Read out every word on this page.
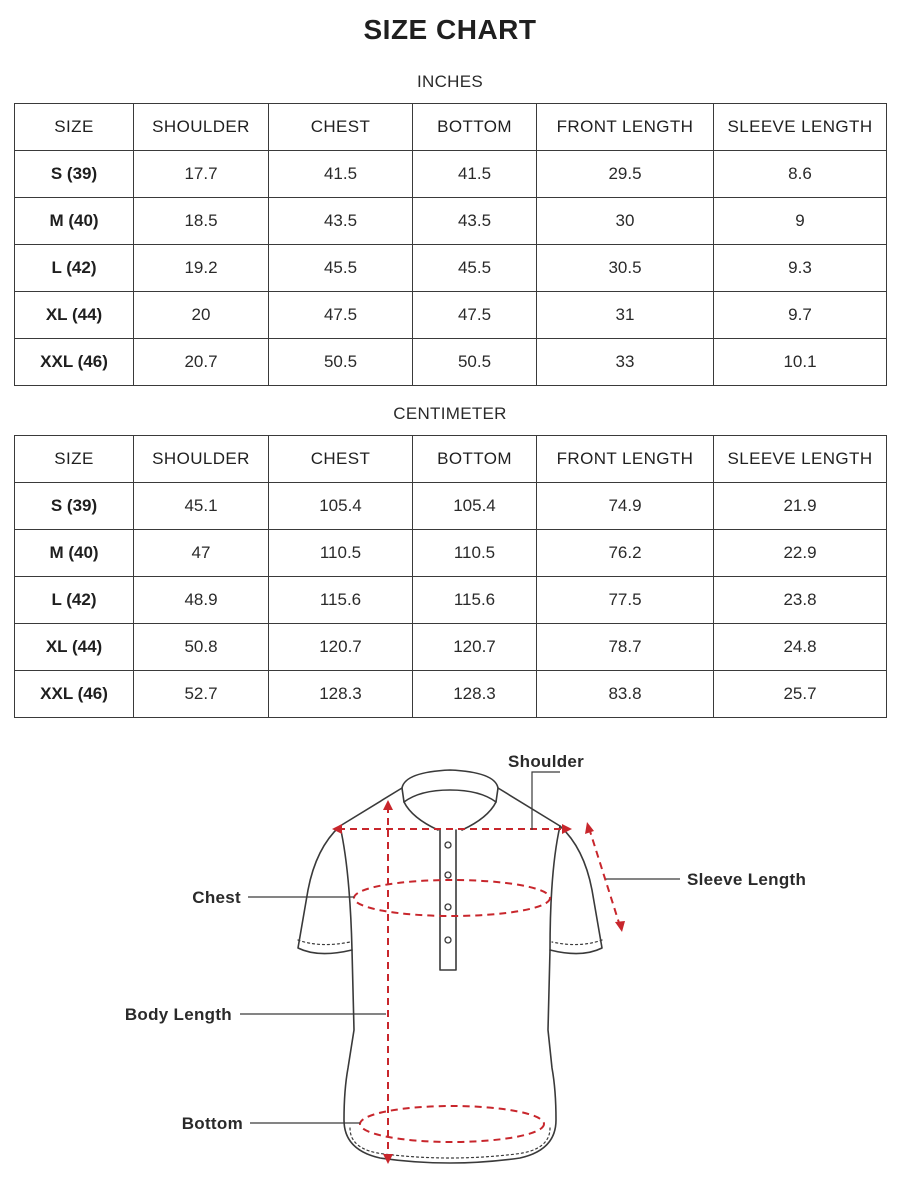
SIZE CHART
INCHES
SIZE	SHOULDER	CHEST	BOTTOM	FRONT LENGTH	SLEEVE LENGTH
S (39)	17.7	41.5	41.5	29.5	8.6
M (40)	18.5	43.5	43.5	30	9
L (42)	19.2	45.5	45.5	30.5	9.3
XL (44)	20	47.5	47.5	31	9.7
XXL (46)	20.7	50.5	50.5	33	10.1
CENTIMETER
SIZE	SHOULDER	CHEST	BOTTOM	FRONT LENGTH	SLEEVE LENGTH
S (39)	45.1	105.4	105.4	74.9	21.9
M (40)	47	110.5	110.5	76.2	22.9
L (42)	48.9	115.6	115.6	77.5	23.8
XL (44)	50.8	120.7	120.7	78.7	24.8
XXL (46)	52.7	128.3	128.3	83.8	25.7
Shoulder
Sleeve Length
Chest
Body Length
Bottom
